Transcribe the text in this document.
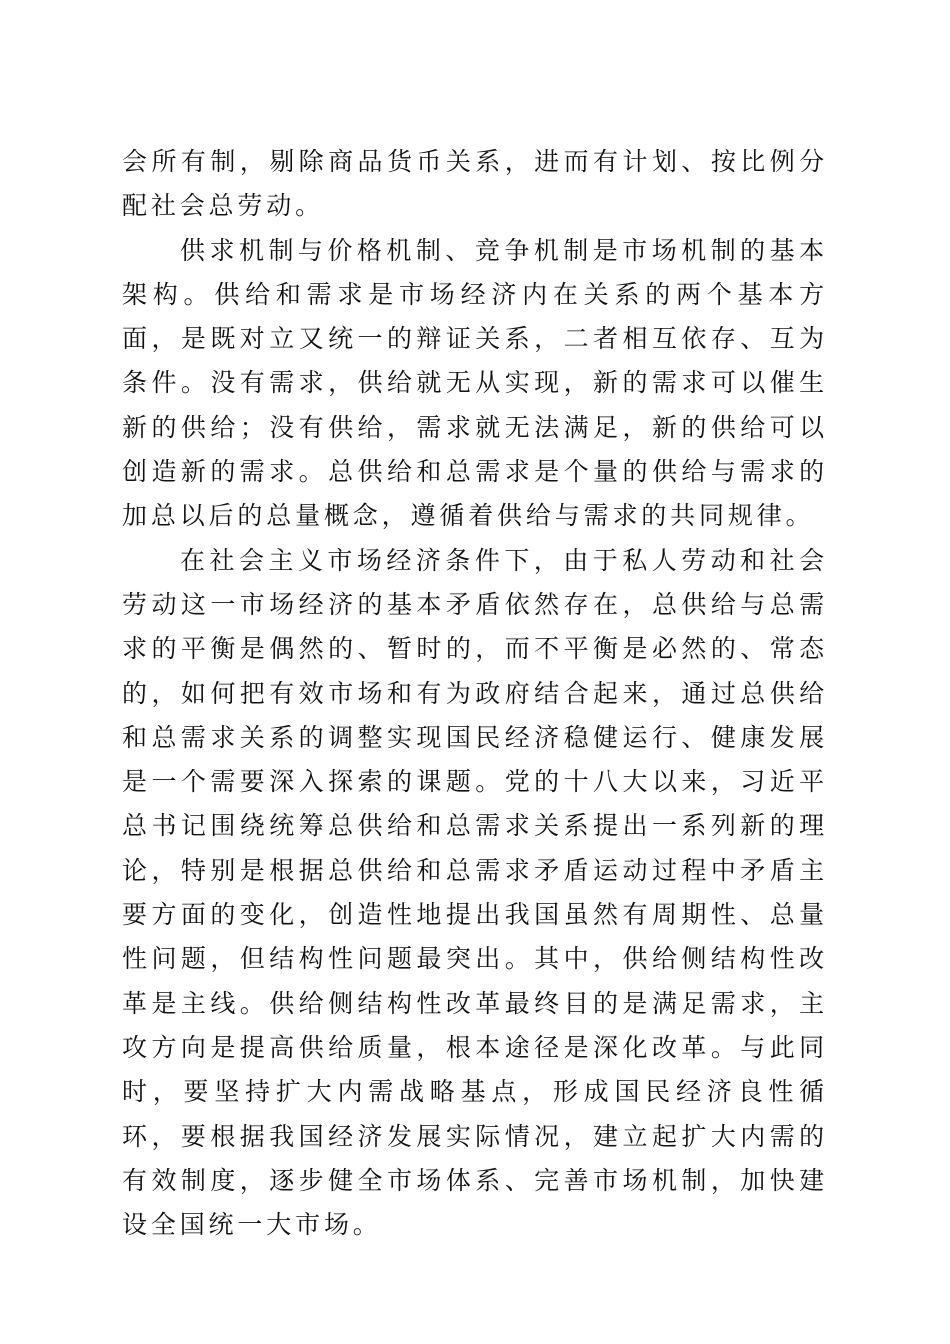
会所有制，剔除商品货币关系，进而有计划、按比例分配社会总劳动。

供求机制与价格机制、竞争机制是市场机制的基本架构。供给和需求是市场经济内在关系的两个基本方面，是既对立又统一的辩证关系，二者相互依存、互为条件。没有需求，供给就无从实现，新的需求可以催生新的供给；没有供给，需求就无法满足，新的供给可以创造新的需求。总供给和总需求是个量的供给与需求的加总以后的总量概念，遵循着供给与需求的共同规律。

在社会主义市场经济条件下，由于私人劳动和社会劳动这一市场经济的基本矛盾依然存在，总供给与总需求的平衡是偶然的、暂时的，而不平衡是必然的、常态的，如何把有效市场和有为政府结合起来，通过总供给和总需求关系的调整实现国民经济稳健运行、健康发展是一个需要深入探索的课题。党的十八大以来，习近平总书记围绕统筹总供给和总需求关系提出一系列新的理论，特别是根据总供给和总需求矛盾运动过程中矛盾主要方面的变化，创造性地提出我国虽然有周期性、总量性问题，但结构性问题最突出。其中，供给侧结构性改革是主线。供给侧结构性改革最终目的是满足需求，主攻方向是提高供给质量，根本途径是深化改革。与此同时，要坚持扩大内需战略基点，形成国民经济良性循环，要根据我国经济发展实际情况，建立起扩大内需的有效制度，逐步健全市场体系、完善市场机制，加快建设全国统一大市场。
